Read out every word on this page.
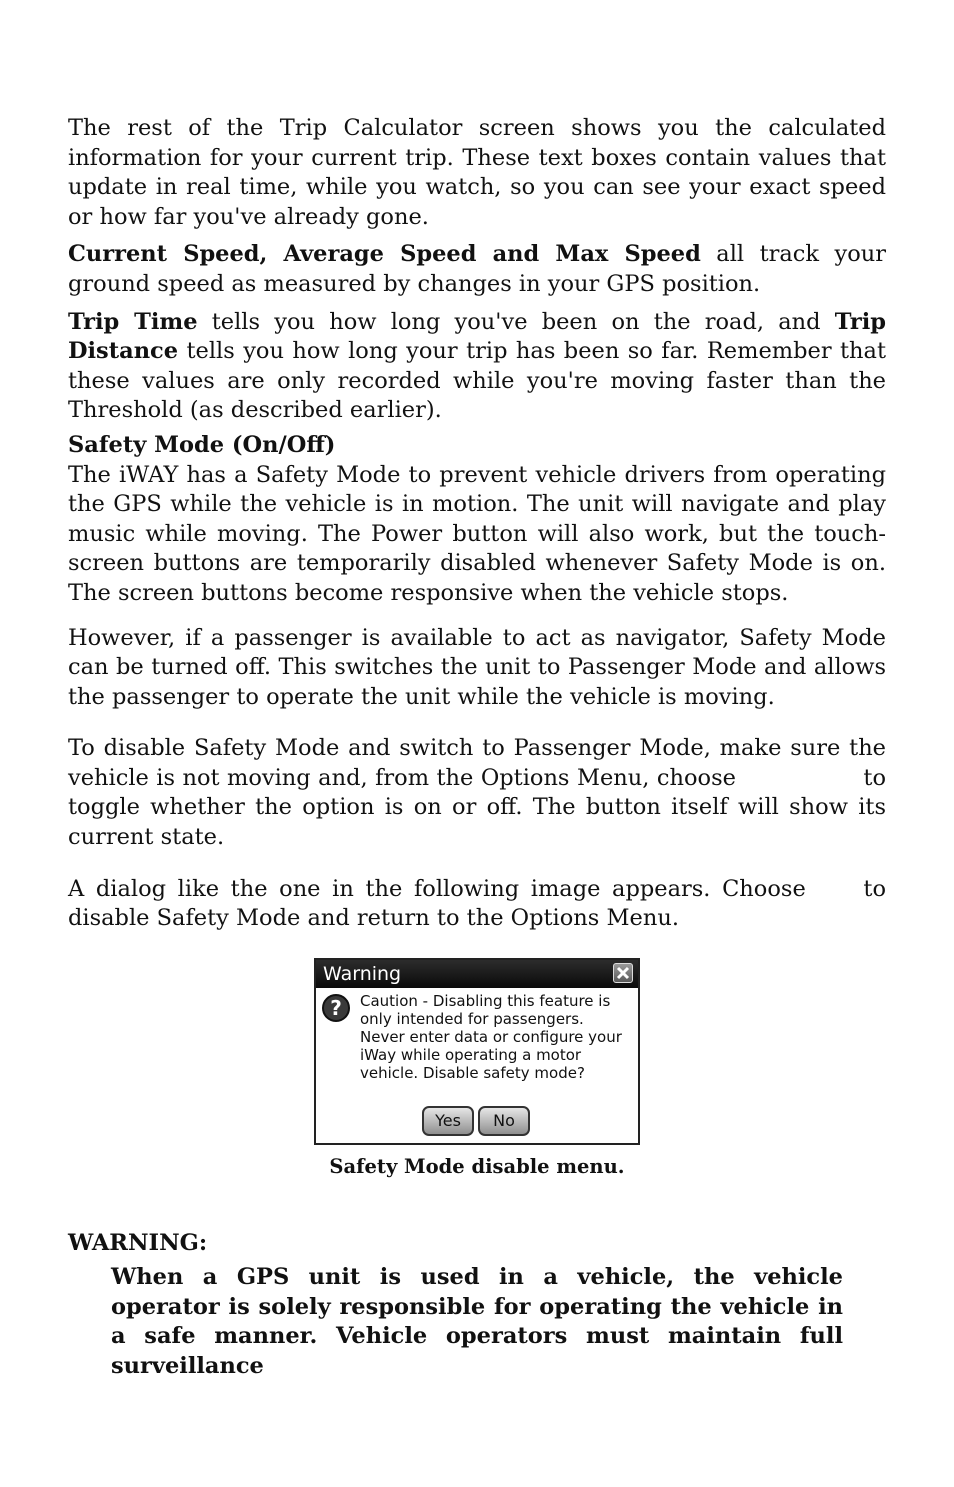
The rest of the Trip Calculator screen shows you the calculated information for your current trip. These text boxes contain values that update in real time, while you watch, so you can see your exact speed or how far you've already gone.

Current Speed, Average Speed and Max Speed all track your ground speed as measured by changes in your GPS position.

Trip Time tells you how long you've been on the road, and Trip Distance tells you how long your trip has been so far. Remember that these values are only recorded while you're moving faster than the Threshold (as described earlier).

Safety Mode (On/Off)

The iWAY has a Safety Mode to prevent vehicle drivers from operating the GPS while the vehicle is in motion. The unit will navigate and play music while moving. The Power button will also work, but the touch-screen buttons are temporarily disabled whenever Safety Mode is on. The screen buttons become responsive when the vehicle stops.

However, if a passenger is available to act as navigator, Safety Mode can be turned off. This switches the unit to Passenger Mode and allows the passenger to operate the unit while the vehicle is moving.

To disable Safety Mode and switch to Passenger Mode, make sure the vehicle is not moving and, from the Options Menu, choose	to toggle whether the option is on or off. The button itself will show its current state.

A dialog like the one in the following image appears. Choose	to disable Safety Mode and return to the Options Menu.

Warning
?	Caution - Disabling this feature is only intended for passengers. Never enter data or configure your iWay while operating a motor vehicle. Disable safety mode?
Yes No
Safety Mode disable menu.
WARNING:
When a GPS unit is used in a vehicle, the vehicle operator is solely responsible for operating the vehicle in a safe manner. Vehicle operators must maintain full surveillance
